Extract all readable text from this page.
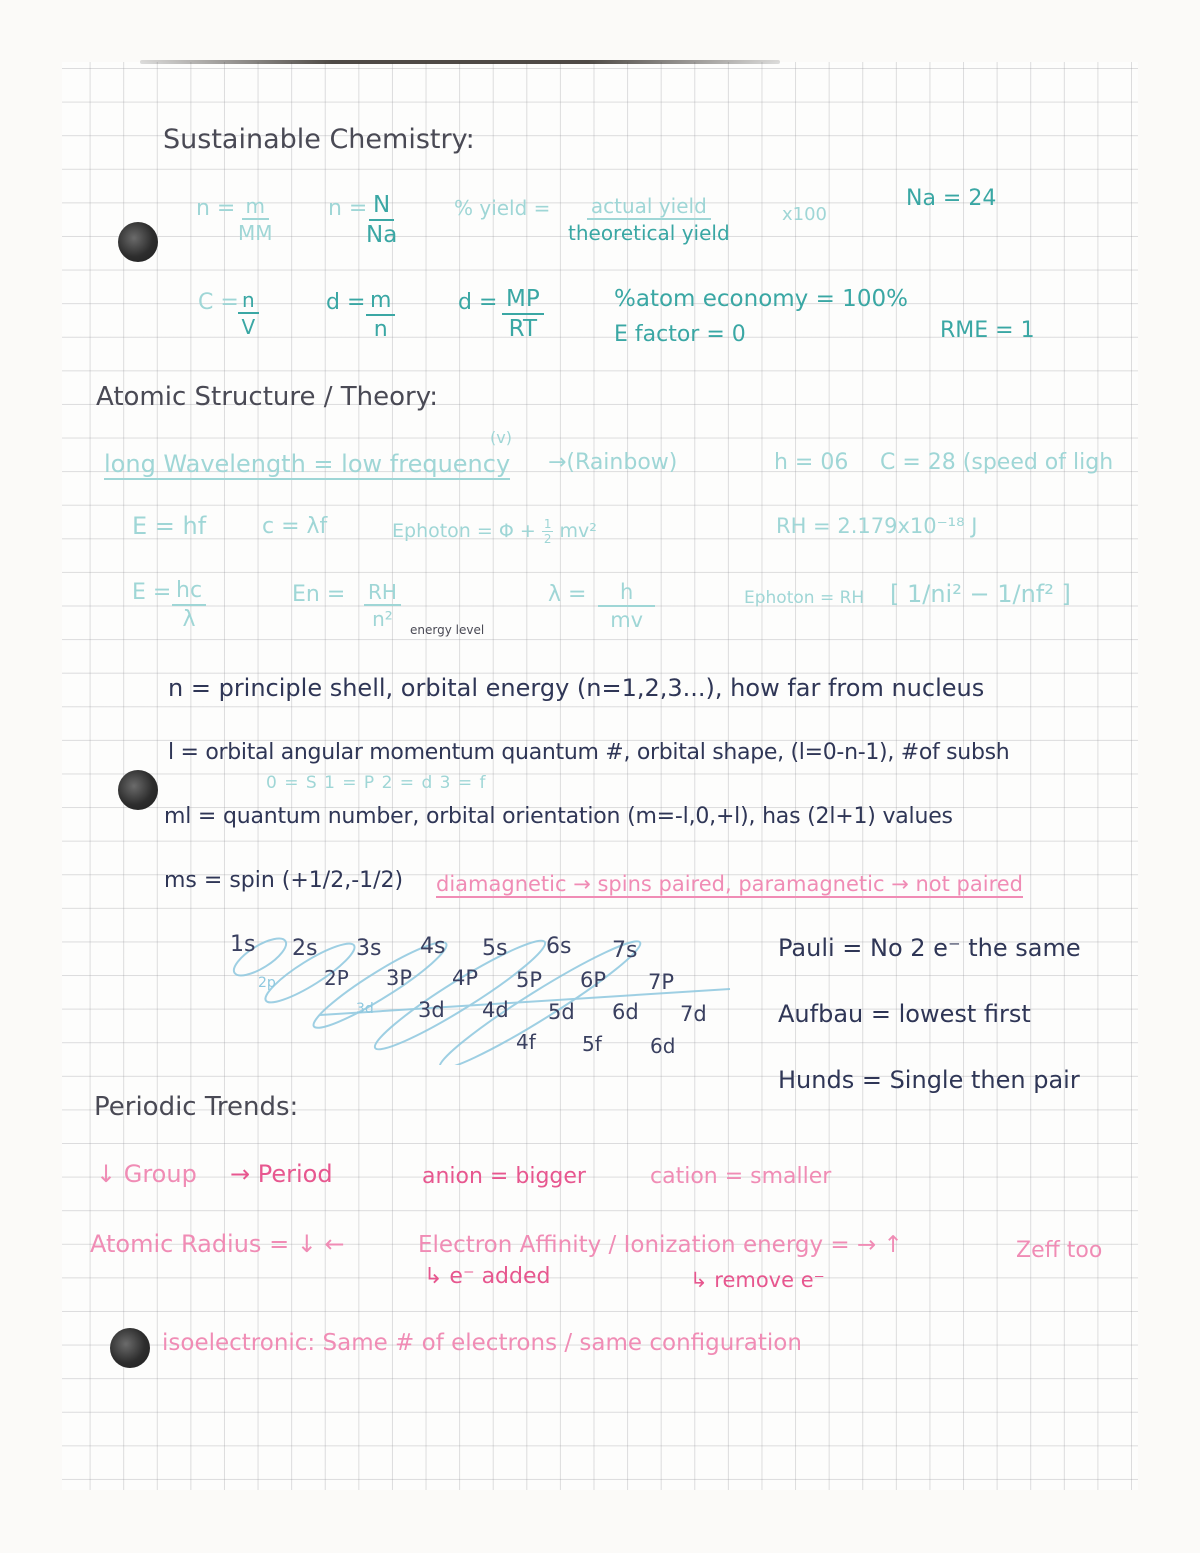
Sustainable Chemistry:
$n = \frac{m}{MM}$	n =
$\frac{N}{Na}$	% yield = actual yield
theoretical yield
x100
Na = 24
$C = \frac{n}{V}$	$d = \frac{m}{n}$	$d = \frac{MP}{RT}$	%atom economy = 100%
E factor = 0	RME = 1
Atomic Structure / Theory:
(v)
long Wavelength = low frequency →(Rainbow)	h = 06 C = 28 (speed of ligh
E = hf	c = λf	Ephoton = $\Phi + \frac{1}{2} mv^2$	RH = 2.179x10⁻¹⁸ J
$E = \frac{hc}{\lambda}$	$En = \frac{RH}{\text{n²}}$
energy level
$\lambda = \frac{h}{mv}$	Ephoton = RH [ 1/ni² − 1/nf² ]
n = principle shell, orbital energy (n=1,2,3...), how far from nucleus
l = orbital angular momentum quantum #, orbital shape, (l=0-n-1), #of subsh
0 = S 1 = P 2 = d 3 = f
ml = quantum number, orbital orientation (m=-l,0,+l), has (2l+1) values
ms = spin (+1/2,-1/2) diamagnetic → spins paired, paramagnetic → not paired
1s 2s 3s 4s 5s 6s 7s
2p 2P 3P 4P 5P 6P 7P
3d 3d 4d 5d 6d 7d
4f 5f 6d
Pauli = No 2 e⁻ the same
Aufbau = lowest first
Hunds = Single then pair
Periodic Trends:
↓ Group → Period	anion = bigger	cation = smaller
Atomic Radius = ↓ ←	Electron Affinity / Ionization energy = → ↑	Zeff too
↳ e⁻ added	↳ remove e⁻
isoelectronic: Same # of electrons / same configuration
